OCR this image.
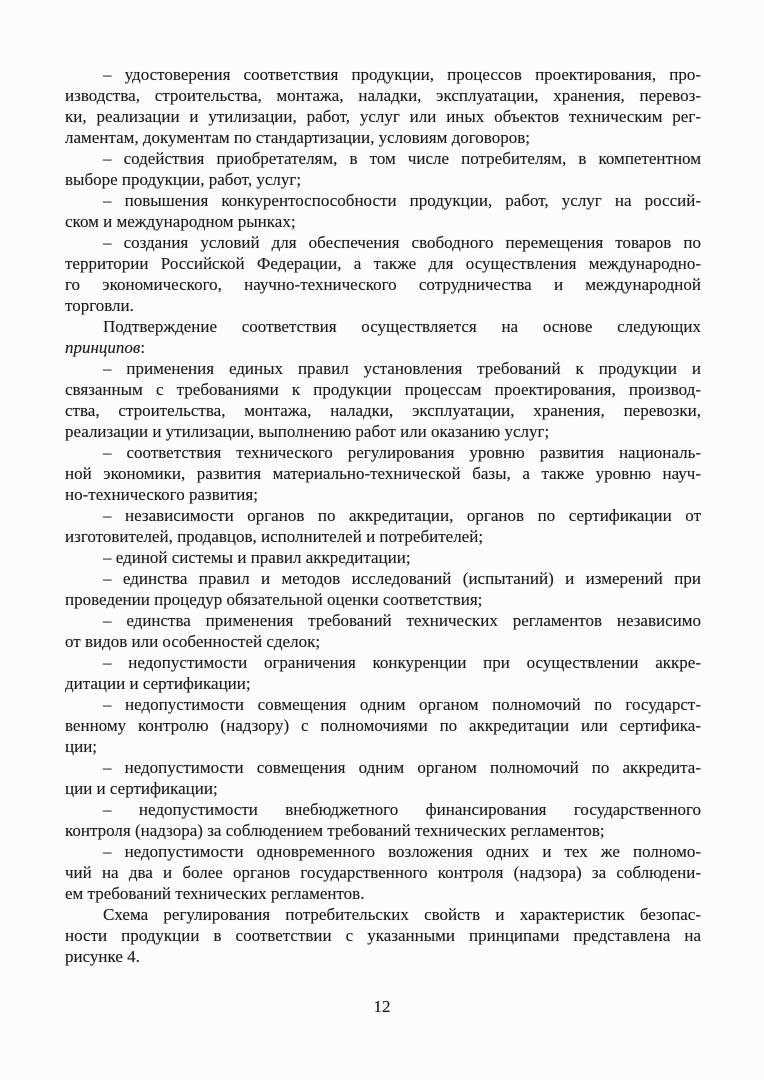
– удостоверения соответствия продукции, процессов проектирования, про-
изводства, строительства, монтажа, наладки, эксплуатации, хранения, перевоз-
ки, реализации и утилизации, работ, услуг или иных объектов техническим рег-
ламентам, документам по стандартизации, условиям договоров;
– содействия приобретателям, в том числе потребителям, в компетентном
выборе продукции, работ, услуг;
– повышения конкурентоспособности продукции, работ, услуг на россий-
ском и международном рынках;
– создания условий для обеспечения свободного перемещения товаров по
территории Российской Федерации, а также для осуществления международно-
го экономического, научно-технического сотрудничества и международной
торговли.
Подтверждение соответствия осуществляется на основе следующих
принципов:
– применения единых правил установления требований к продукции и
связанным с требованиями к продукции процессам проектирования, производ-
ства, строительства, монтажа, наладки, эксплуатации, хранения, перевозки,
реализации и утилизации, выполнению работ или оказанию услуг;
– соответствия технического регулирования уровню развития националь-
ной экономики, развития материально-технической базы, а также уровню науч-
но-технического развития;
– независимости органов по аккредитации, органов по сертификации от
изготовителей, продавцов, исполнителей и потребителей;
– единой системы и правил аккредитации;
– единства правил и методов исследований (испытаний) и измерений при
проведении процедур обязательной оценки соответствия;
– единства применения требований технических регламентов независимо
от видов или особенностей сделок;
– недопустимости ограничения конкуренции при осуществлении аккре-
дитации и сертификации;
– недопустимости совмещения одним органом полномочий по государст-
венному контролю (надзору) с полномочиями по аккредитации или сертифика-
ции;
– недопустимости совмещения одним органом полномочий по аккредита-
ции и сертификации;
– недопустимости внебюджетного финансирования государственного
контроля (надзора) за соблюдением требований технических регламентов;
– недопустимости одновременного возложения одних и тех же полномо-
чий на два и более органов государственного контроля (надзора) за соблюдени-
ем требований технических регламентов.
Схема регулирования потребительских свойств и характеристик безопас-
ности продукции в соответствии с указанными принципами представлена на
рисунке 4.
12
